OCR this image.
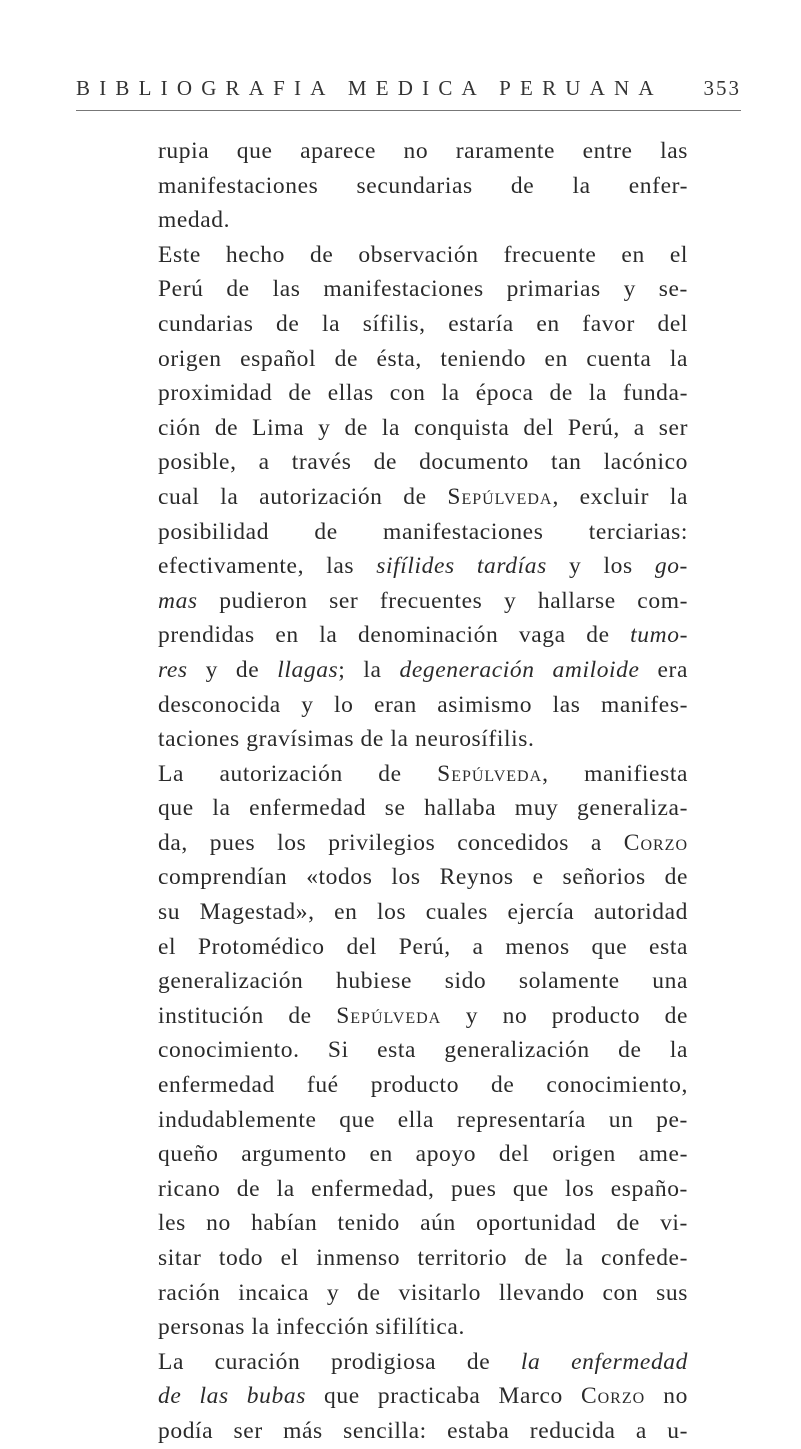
BIBLIOGRAFIA MEDICA PERUANA 353
rupia que aparece no raramente entre las
manifestaciones secundarias de la enfer-
medad.
Este hecho de observación frecuente en el
Perú de las manifestaciones primarias y se-
cundarias de la sífilis, estaría en favor del
origen español de ésta, teniendo en cuenta la
proximidad de ellas con la época de la funda-
ción de Lima y de la conquista del Perú, a ser
posible, a través de documento tan lacónico
cual la autorización de Sepúlveda, excluir la
posibilidad de manifestaciones terciarias:
efectivamente, las sifílides tardías y los go-
mas pudieron ser frecuentes y hallarse com-
prendidas en la denominación vaga de tumo-
res y de llagas; la degeneración amiloide era
desconocida y lo eran asimismo las manifes-
taciones gravísimas de la neurosífilis.
La autorización de Sepúlveda, manifiesta
que la enfermedad se hallaba muy generaliza-
da, pues los privilegios concedidos a Corzo
comprendían «todos los Reynos e señorios de
su Magestad», en los cuales ejercía autoridad
el Protomédico del Perú, a menos que esta
generalización hubiese sido solamente una
institución de Sepúlveda y no producto de
conocimiento. Si esta generalización de la
enfermedad fué producto de conocimiento,
indudablemente que ella representaría un pe-
queño argumento en apoyo del origen ame-
ricano de la enfermedad, pues que los españo-
les no habían tenido aún oportunidad de vi-
sitar todo el inmenso territorio de la confede-
ración incaica y de visitarlo llevando con sus
personas la infección sifilítica.
La curación prodigiosa de la enfermedad
de las bubas que practicaba Marco Corzo no
podía ser más sencilla: estaba reducida a u-
